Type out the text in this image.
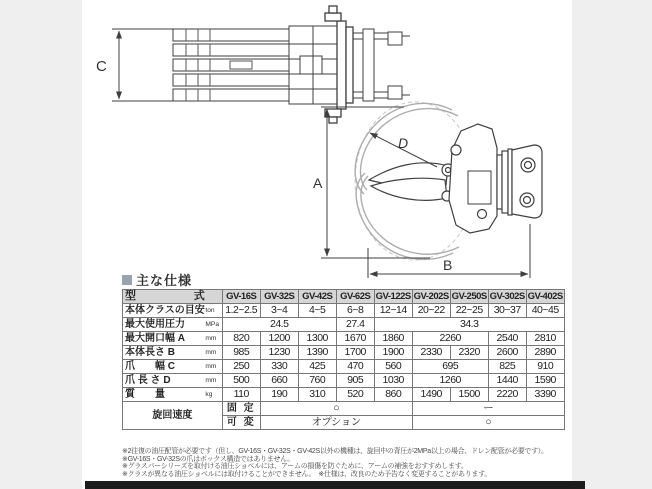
C
A
B
D
主な仕様
型 式	GV-16S	GV-32S	GV-42S	GV-62S	GV-122S	GV-202S	GV-250S	GV-302S	GV-402S

本体クラスの目安 ton	1.2~2.5	3~4	4~5	6~8	12~14	20~22	22~25	30~37	40~45

最大使用圧力 MPa	24.5			27.4	34.3				

最大開口幅 A mm	820	1200	1300	1670	1860	2260		2540	2810

本体長さ B mm	985	1230	1390	1700	1900	2330	2320	2600	2890

爪　　幅 C mm	250	330	425	470	560	695		825	910

爪 長 さ D mm	500	660	760	905	1030	1260		1440	1590

質　　量 kg	110	190	310	520	860	1490	1500	2220	3390
旋回速度	固 定	○				ー			
	可 変	オプション				○			
※2往復の油圧配管が必要です（但し、GV-16S・GV-32S・GV-42S以外の機種は、旋回中の背圧が2MPa以上の場合、ドレン配管が必要です）。
※GV-16S・GV-32Sの爪はボックス構造ではありません。
※グラスパーシリーズを取付ける油圧ショベルには、アームの損傷を防ぐために、アームの補強をおすすめします。
※クラスが異なる油圧ショベルには取付けることができません。　※仕様は、改良のため予告なく変更することがあります。
